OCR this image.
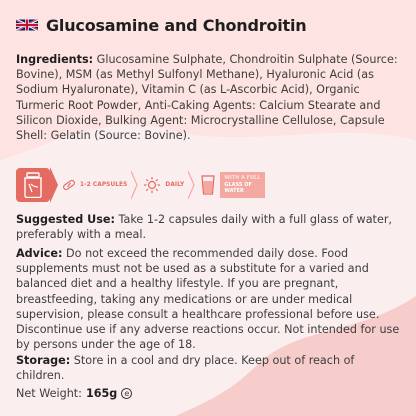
Glucosamine and Chondroitin

Ingredients: Glucosamine Sulphate, Chondroitin Sulphate (Source: Bovine), MSM (as Methyl Sulfonyl Methane), Hyaluronic Acid (as Sodium Hyaluronate), Vitamin C (as L-Ascorbic Acid), Organic Turmeric Root Powder, Anti-Caking Agents: Calcium Stearate and Silicon Dioxide, Bulking Agent: Microcrystalline Cellulose, Capsule Shell: Gelatin (Source: Bovine).

1-2 CAPSULES	DAILY
WITH A FULL
GLASS OF
WATER

Suggested Use: Take 1-2 capsules daily with a full glass of water, preferably with a meal.

Advice: Do not exceed the recommended daily dose. Food supplements must not be used as a substitute for a varied and balanced diet and a healthy lifestyle. If you are pregnant, breastfeeding, taking any medications or are under medical supervision, please consult a healthcare professional before use. Discontinue use if any adverse reactions occur. Not intended for use by persons under the age of 18.

Storage: Store in a cool and dry place. Keep out of reach of children.

Net Weight: 165g e
